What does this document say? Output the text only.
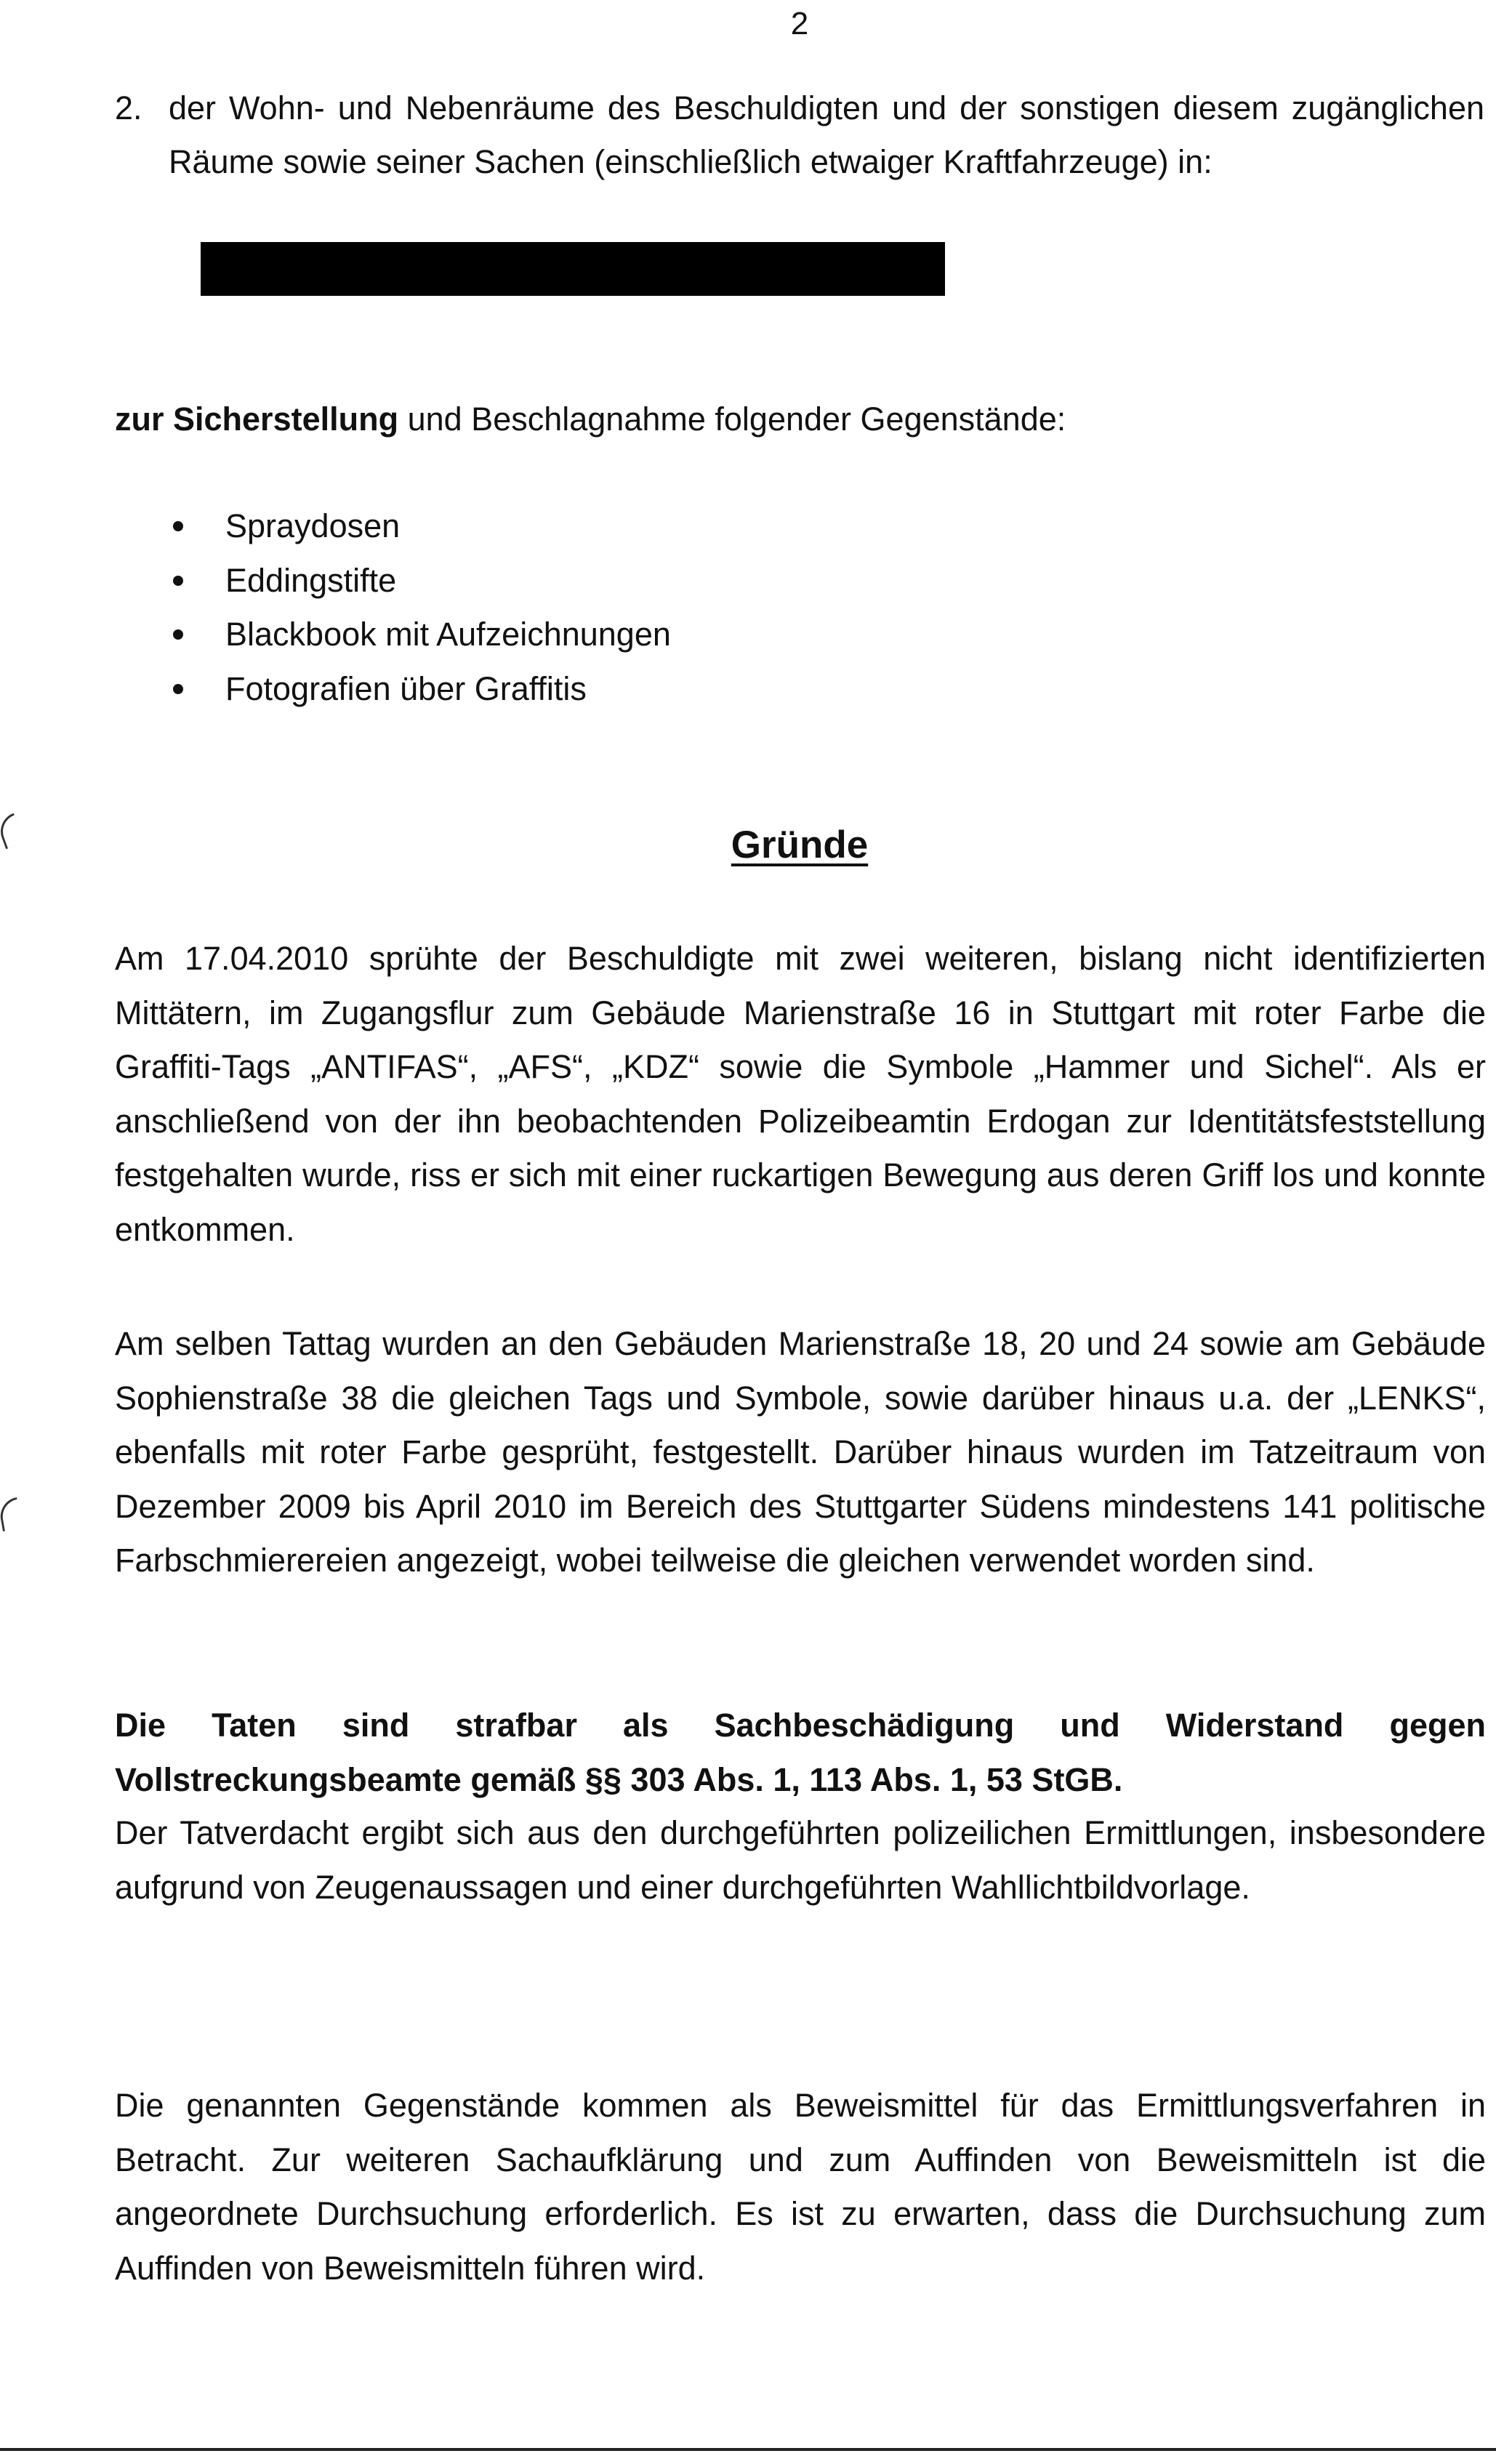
2
2. der Wohn- und Nebenräume des Beschuldigten und der sonstigen diesem zugänglichen Räume sowie seiner Sachen (einschließlich etwaiger Kraftfahrzeuge) in:
zur Sicherstellung und Beschlagnahme folgender Gegenstände:
Spraydosen
Eddingstifte
Blackbook mit Aufzeichnungen
Fotografien über Graffitis
Gründe

Am 17.04.2010 sprühte der Beschuldigte mit zwei weiteren, bislang nicht identifizierten Mittätern, im Zugangsflur zum Gebäude Marienstraße 16 in Stuttgart mit roter Farbe die Graffiti-Tags „ANTIFAS“, „AFS“, „KDZ“ sowie die Symbole „Hammer und Sichel“. Als er anschließend von der ihn beobachtenden Polizeibeamtin Erdogan zur Identitätsfeststellung festgehalten wurde, riss er sich mit einer ruckartigen Bewegung aus deren Griff los und konnte entkommen.

Am selben Tattag wurden an den Gebäuden Marienstraße 18, 20 und 24 sowie am Gebäude Sophienstraße 38 die gleichen Tags und Symbole, sowie darüber hinaus u.a. der „LENKS“, ebenfalls mit roter Farbe gesprüht, festgestellt. Darüber hinaus wurden im Tatzeitraum von Dezember 2009 bis April 2010 im Bereich des Stuttgarter Südens mindestens 141 politische Farbschmierereien angezeigt, wobei teilweise die gleichen verwendet worden sind.

Die Taten sind strafbar als Sachbeschädigung und Widerstand gegen Vollstreckungsbeamte gemäß §§ 303 Abs. 1, 113 Abs. 1, 53 StGB.

Der Tatverdacht ergibt sich aus den durchgeführten polizeilichen Ermittlungen, insbesondere aufgrund von Zeugenaussagen und einer durchgeführten Wahllichtbildvorlage.

Die genannten Gegenstände kommen als Beweismittel für das Ermittlungsverfahren in Betracht. Zur weiteren Sachaufklärung und zum Auffinden von Beweismitteln ist die angeordnete Durchsuchung erforderlich. Es ist zu erwarten, dass die Durchsuchung zum Auffinden von Beweismitteln führen wird.
